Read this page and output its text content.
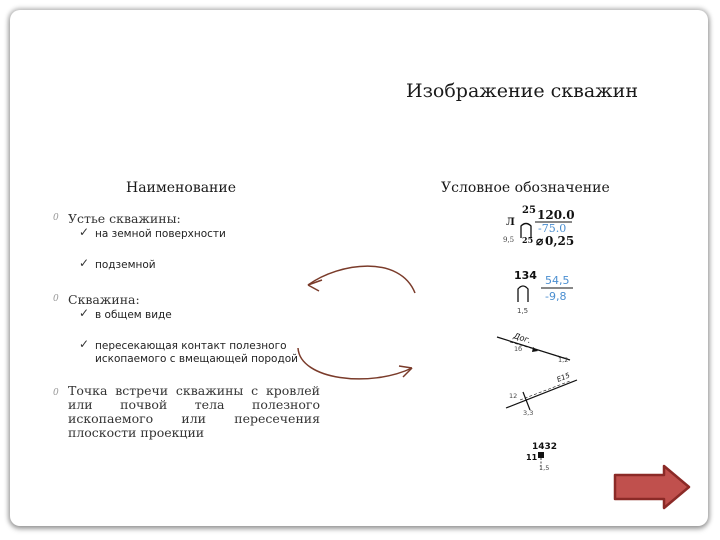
Изображение скважин
Наименование	Условное обозначение
0 Устье скважины:
✓ на земной поверхности
✓ подземной
0 Скважина:
✓ в общем виде
✓ пересекающая контакт полезного
ископаемого с вмещающей породой
0 Точка встречи скважины с кровлей или почвой тела полезного ископаемого или пересечения плоскости проекции
25
Л
120.0
-75.0
9,5 25 ⌀ 0,25
134 54,5
-9,8
1,5
Дог.
1б
1,2
Е15
12
3,3
1432
11
1,5
